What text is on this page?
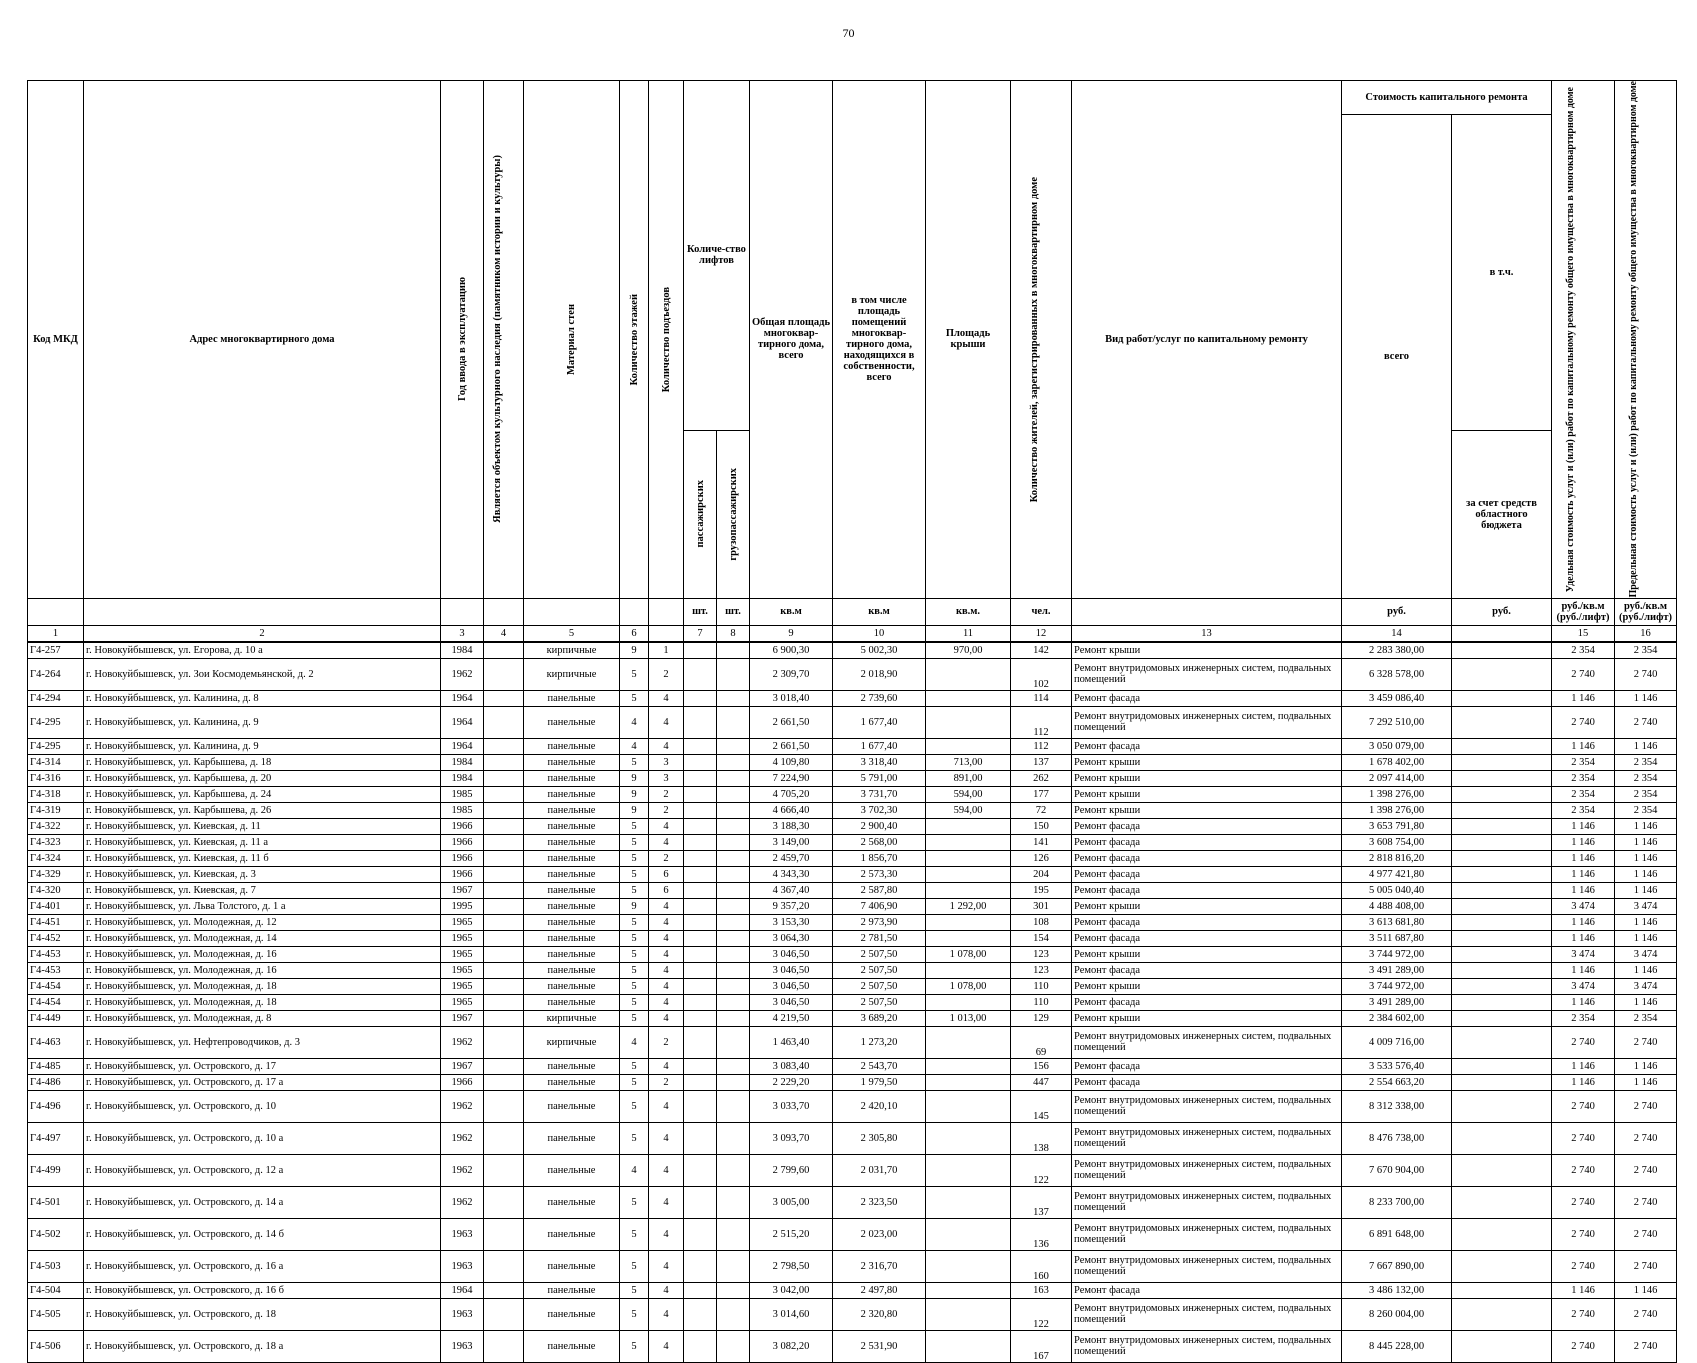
70
Код МКД	Адрес многоквартирного дома	Год ввода в эксплуатацию	Является объектом культурного наследия (памятником истории и культуры)	Материал стен	Количество этажей	Количество подъездов	Количе-ство лифтов		Общая площадь многоквар-тирного дома, всего	в том числе площадь помещений многоквар-тирного дома, находящихся в собственности, всего	Площадь крыши	Количество жителей, зарегистрированных в многоквартирном доме	Вид работ/услуг по капитальному ремонту	Стоимость капитального ремонта		Удельная стоимость услуг и (или) работ по капитальному ремонту общего имущества в многоквартирном доме	Предельная стоимость услуг и (или) работ по капитальному ремонту общего имущества в многоквартирном доме

														всего	в т.ч.		

							пассажирских	грузопассажирских							за счет средств областного бюджета		
							шт.	шт.	кв.м	кв.м	кв.м.	чел.		руб.	руб.	руб./кв.м (руб./лифт)	руб./кв.м (руб./лифт)
1	2	3	4	5	6		7	8	9	10	11	12	13	14		15	16
Г4-257	г. Новокуйбышевск, ул. Егорова, д. 10 а	1984		кирпичные	9	1			6 900,30	5 002,30	970,00	142	Ремонт крыши	2 283 380,00		2 354	2 354
Г4-264	г. Новокуйбышевск, ул. Зои Космодемьянской, д. 2	1962		кирпичные	5	2			2 309,70	2 018,90		102	Ремонт внутридомовых инженерных систем, подвальных помещений	6 328 578,00		2 740	2 740
Г4-294	г. Новокуйбышевск, ул. Калинина, д. 8	1964		панельные	5	4			3 018,40	2 739,60		114	Ремонт фасада	3 459 086,40		1 146	1 146
Г4-295	г. Новокуйбышевск, ул. Калинина, д. 9	1964		панельные	4	4			2 661,50	1 677,40		112	Ремонт внутридомовых инженерных систем, подвальных помещений	7 292 510,00		2 740	2 740
Г4-295	г. Новокуйбышевск, ул. Калинина, д. 9	1964		панельные	4	4			2 661,50	1 677,40		112	Ремонт фасада	3 050 079,00		1 146	1 146
Г4-314	г. Новокуйбышевск, ул. Карбышева, д. 18	1984		панельные	5	3			4 109,80	3 318,40	713,00	137	Ремонт крыши	1 678 402,00		2 354	2 354
Г4-316	г. Новокуйбышевск, ул. Карбышева, д. 20	1984		панельные	9	3			7 224,90	5 791,00	891,00	262	Ремонт крыши	2 097 414,00		2 354	2 354
Г4-318	г. Новокуйбышевск, ул. Карбышева, д. 24	1985		панельные	9	2			4 705,20	3 731,70	594,00	177	Ремонт крыши	1 398 276,00		2 354	2 354
Г4-319	г. Новокуйбышевск, ул. Карбышева, д. 26	1985		панельные	9	2			4 666,40	3 702,30	594,00	72	Ремонт крыши	1 398 276,00		2 354	2 354
Г4-322	г. Новокуйбышевск, ул. Киевская, д. 11	1966		панельные	5	4			3 188,30	2 900,40		150	Ремонт фасада	3 653 791,80		1 146	1 146
Г4-323	г. Новокуйбышевск, ул. Киевская, д. 11 а	1966		панельные	5	4			3 149,00	2 568,00		141	Ремонт фасада	3 608 754,00		1 146	1 146
Г4-324	г. Новокуйбышевск, ул. Киевская, д. 11 б	1966		панельные	5	2			2 459,70	1 856,70		126	Ремонт фасада	2 818 816,20		1 146	1 146
Г4-329	г. Новокуйбышевск, ул. Киевская, д. 3	1966		панельные	5	6			4 343,30	2 573,30		204	Ремонт фасада	4 977 421,80		1 146	1 146
Г4-320	г. Новокуйбышевск, ул. Киевская, д. 7	1967		панельные	5	6			4 367,40	2 587,80		195	Ремонт фасада	5 005 040,40		1 146	1 146
Г4-401	г. Новокуйбышевск, ул. Льва Толстого, д. 1 а	1995		панельные	9	4			9 357,20	7 406,90	1 292,00	301	Ремонт крыши	4 488 408,00		3 474	3 474
Г4-451	г. Новокуйбышевск, ул. Молодежная, д. 12	1965		панельные	5	4			3 153,30	2 973,90		108	Ремонт фасада	3 613 681,80		1 146	1 146
Г4-452	г. Новокуйбышевск, ул. Молодежная, д. 14	1965		панельные	5	4			3 064,30	2 781,50		154	Ремонт фасада	3 511 687,80		1 146	1 146
Г4-453	г. Новокуйбышевск, ул. Молодежная, д. 16	1965		панельные	5	4			3 046,50	2 507,50	1 078,00	123	Ремонт крыши	3 744 972,00		3 474	3 474
Г4-453	г. Новокуйбышевск, ул. Молодежная, д. 16	1965		панельные	5	4			3 046,50	2 507,50		123	Ремонт фасада	3 491 289,00		1 146	1 146
Г4-454	г. Новокуйбышевск, ул. Молодежная, д. 18	1965		панельные	5	4			3 046,50	2 507,50	1 078,00	110	Ремонт крыши	3 744 972,00		3 474	3 474
Г4-454	г. Новокуйбышевск, ул. Молодежная, д. 18	1965		панельные	5	4			3 046,50	2 507,50		110	Ремонт фасада	3 491 289,00		1 146	1 146
Г4-449	г. Новокуйбышевск, ул. Молодежная, д. 8	1967		кирпичные	5	4			4 219,50	3 689,20	1 013,00	129	Ремонт крыши	2 384 602,00		2 354	2 354
Г4-463	г. Новокуйбышевск, ул. Нефтепроводчиков, д. 3	1962		кирпичные	4	2			1 463,40	1 273,20		69	Ремонт внутридомовых инженерных систем, подвальных помещений	4 009 716,00		2 740	2 740
Г4-485	г. Новокуйбышевск, ул. Островского, д. 17	1967		панельные	5	4			3 083,40	2 543,70		156	Ремонт фасада	3 533 576,40		1 146	1 146
Г4-486	г. Новокуйбышевск, ул. Островского, д. 17 а	1966		панельные	5	2			2 229,20	1 979,50		447	Ремонт фасада	2 554 663,20		1 146	1 146
Г4-496	г. Новокуйбышевск, ул. Островского, д. 10	1962		панельные	5	4			3 033,70	2 420,10		145	Ремонт внутридомовых инженерных систем, подвальных помещений	8 312 338,00		2 740	2 740
Г4-497	г. Новокуйбышевск, ул. Островского, д. 10 а	1962		панельные	5	4			3 093,70	2 305,80		138	Ремонт внутридомовых инженерных систем, подвальных помещений	8 476 738,00		2 740	2 740
Г4-499	г. Новокуйбышевск, ул. Островского, д. 12 а	1962		панельные	4	4			2 799,60	2 031,70		122	Ремонт внутридомовых инженерных систем, подвальных помещений	7 670 904,00		2 740	2 740
Г4-501	г. Новокуйбышевск, ул. Островского, д. 14 а	1962		панельные	5	4			3 005,00	2 323,50		137	Ремонт внутридомовых инженерных систем, подвальных помещений	8 233 700,00		2 740	2 740
Г4-502	г. Новокуйбышевск, ул. Островского, д. 14 б	1963		панельные	5	4			2 515,20	2 023,00		136	Ремонт внутридомовых инженерных систем, подвальных помещений	6 891 648,00		2 740	2 740
Г4-503	г. Новокуйбышевск, ул. Островского, д. 16 а	1963		панельные	5	4			2 798,50	2 316,70		160	Ремонт внутридомовых инженерных систем, подвальных помещений	7 667 890,00		2 740	2 740
Г4-504	г. Новокуйбышевск, ул. Островского, д. 16 б	1964		панельные	5	4			3 042,00	2 497,80		163	Ремонт фасада	3 486 132,00		1 146	1 146
Г4-505	г. Новокуйбышевск, ул. Островского, д. 18	1963		панельные	5	4			3 014,60	2 320,80		122	Ремонт внутридомовых инженерных систем, подвальных помещений	8 260 004,00		2 740	2 740
Г4-506	г. Новокуйбышевск, ул. Островского, д. 18 а	1963		панельные	5	4			3 082,20	2 531,90		167	Ремонт внутридомовых инженерных систем, подвальных помещений	8 445 228,00		2 740	2 740
